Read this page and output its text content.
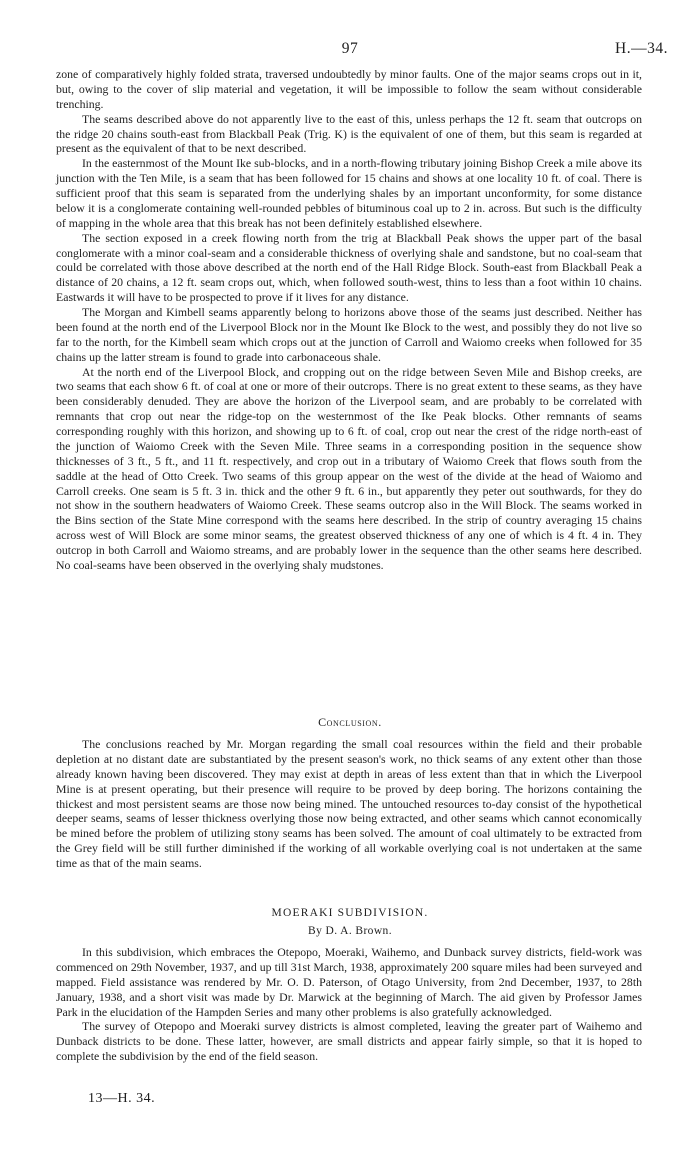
97	H.—34.

zone of comparatively highly folded strata, traversed undoubtedly by minor faults. One of the major seams crops out in it, but, owing to the cover of slip material and vegetation, it will be impossible to follow the seam without considerable trenching.

The seams described above do not apparently live to the east of this, unless perhaps the 12 ft. seam that outcrops on the ridge 20 chains south-east from Blackball Peak (Trig. K) is the equivalent of one of them, but this seam is regarded at present as the equivalent of that to be next described.

In the easternmost of the Mount Ike sub-blocks, and in a north-flowing tributary joining Bishop Creek a mile above its junction with the Ten Mile, is a seam that has been followed for 15 chains and shows at one locality 10 ft. of coal. There is sufficient proof that this seam is separated from the underlying shales by an important unconformity, for some distance below it is a conglomerate containing well-rounded pebbles of bituminous coal up to 2 in. across. But such is the difficulty of mapping in the whole area that this break has not been definitely established elsewhere.

The section exposed in a creek flowing north from the trig at Blackball Peak shows the upper part of the basal conglomerate with a minor coal-seam and a considerable thickness of overlying shale and sandstone, but no coal-seam that could be correlated with those above described at the north end of the Hall Ridge Block. South-east from Blackball Peak a distance of 20 chains, a 12 ft. seam crops out, which, when followed south-west, thins to less than a foot within 10 chains. Eastwards it will have to be prospected to prove if it lives for any distance.

The Morgan and Kimbell seams apparently belong to horizons above those of the seams just described. Neither has been found at the north end of the Liverpool Block nor in the Mount Ike Block to the west, and possibly they do not live so far to the north, for the Kimbell seam which crops out at the junction of Carroll and Waiomo creeks when followed for 35 chains up the latter stream is found to grade into carbonaceous shale.

At the north end of the Liverpool Block, and cropping out on the ridge between Seven Mile and Bishop creeks, are two seams that each show 6 ft. of coal at one or more of their outcrops. There is no great extent to these seams, as they have been considerably denuded. They are above the horizon of the Liverpool seam, and are probably to be correlated with remnants that crop out near the ridge-top on the westernmost of the Ike Peak blocks. Other remnants of seams corresponding roughly with this horizon, and showing up to 6 ft. of coal, crop out near the crest of the ridge north-east of the junction of Waiomo Creek with the Seven Mile. Three seams in a corresponding position in the sequence show thicknesses of 3 ft., 5 ft., and 11 ft. respectively, and crop out in a tributary of Waiomo Creek that flows south from the saddle at the head of Otto Creek. Two seams of this group appear on the west of the divide at the head of Waiomo and Carroll creeks. One seam is 5 ft. 3 in. thick and the other 9 ft. 6 in., but apparently they peter out southwards, for they do not show in the southern headwaters of Waiomo Creek. These seams outcrop also in the Will Block. The seams worked in the Bins section of the State Mine correspond with the seams here described. In the strip of country averaging 15 chains across west of Will Block are some minor seams, the greatest observed thickness of any one of which is 4 ft. 4 in. They outcrop in both Carroll and Waiomo streams, and are probably lower in the sequence than the other seams here described. No coal-seams have been observed in the overlying shaly mudstones.

Conclusion.

The conclusions reached by Mr. Morgan regarding the small coal resources within the field and their probable depletion at no distant date are substantiated by the present season's work, no thick seams of any extent other than those already known having been discovered. They may exist at depth in areas of less extent than that in which the Liverpool Mine is at present operating, but their presence will require to be proved by deep boring. The horizons containing the thickest and most persistent seams are those now being mined. The untouched resources to-day consist of the hypothetical deeper seams, seams of lesser thickness overlying those now being extracted, and other seams which cannot economically be mined before the problem of utilizing stony seams has been solved. The amount of coal ultimately to be extracted from the Grey field will be still further diminished if the working of all workable overlying coal is not undertaken at the same time as that of the main seams.

MOERAKI SUBDIVISION.
By D. A. Brown.

In this subdivision, which embraces the Otepopo, Moeraki, Waihemo, and Dunback survey districts, field-work was commenced on 29th November, 1937, and up till 31st March, 1938, approximately 200 square miles had been surveyed and mapped. Field assistance was rendered by Mr. O. D. Paterson, of Otago University, from 2nd December, 1937, to 28th January, 1938, and a short visit was made by Dr. Marwick at the beginning of March. The aid given by Professor James Park in the elucidation of the Hampden Series and many other problems is also gratefully acknowledged.

The survey of Otepopo and Moeraki survey districts is almost completed, leaving the greater part of Waihemo and Dunback districts to be done. These latter, however, are small districts and appear fairly simple, so that it is hoped to complete the subdivision by the end of the field season.

13—H. 34.
